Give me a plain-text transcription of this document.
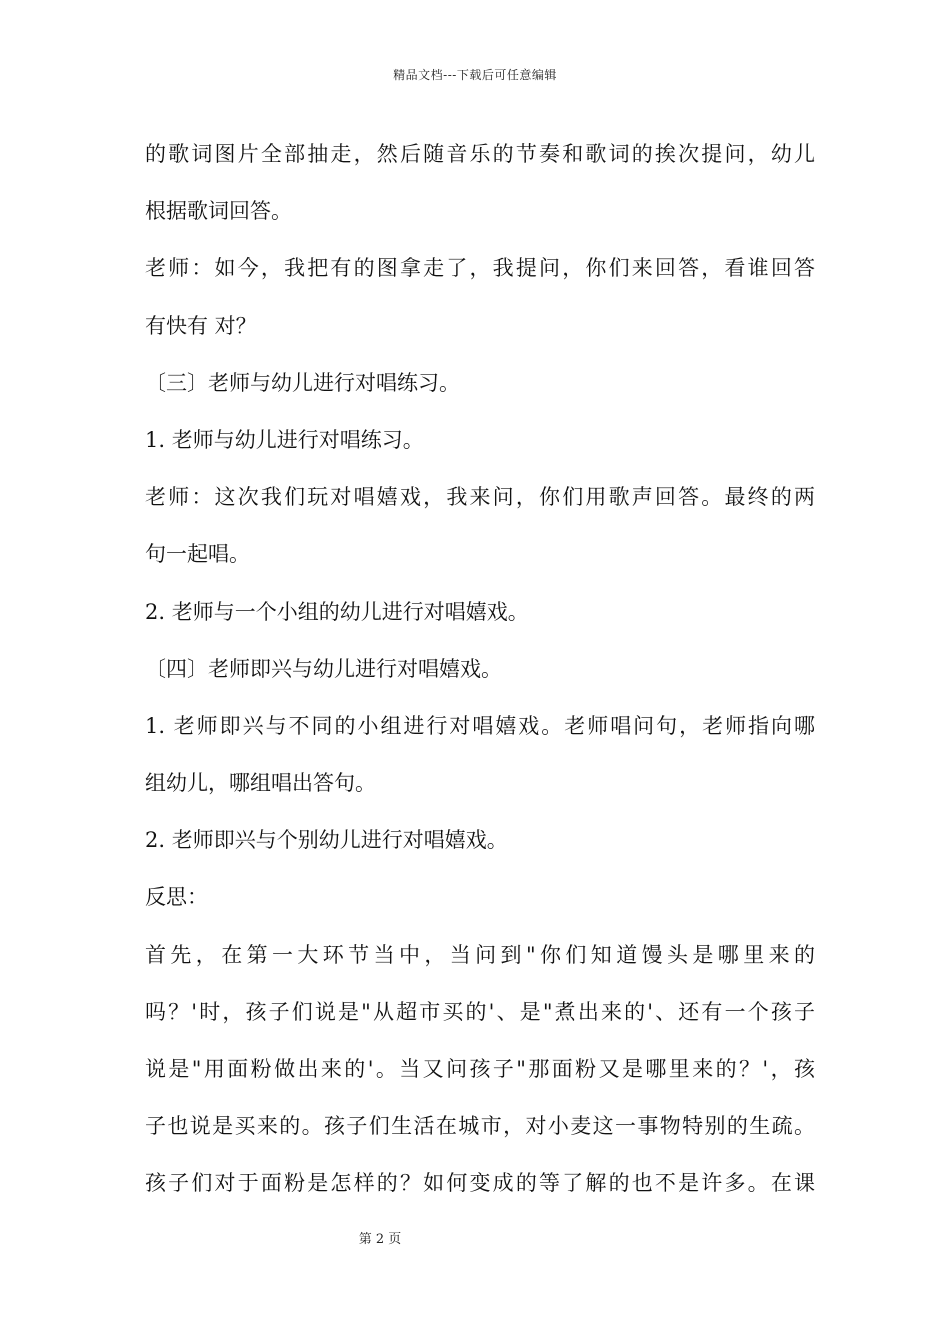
精品文档---下载后可任意编辑
的歌词图片全部抽走，然后随音乐的节奏和歌词的挨次提问，幼儿
根据歌词回答。
老师：如今，我把有的图拿走了，我提问，你们来回答，看谁回答
有快有 对？
〔三〕老师与幼儿进行对唱练习。
1. 老师与幼儿进行对唱练习。
老师：这次我们玩对唱嬉戏，我来问，你们用歌声回答。最终的两
句一起唱。
2. 老师与一个小组的幼儿进行对唱嬉戏。
〔四〕老师即兴与幼儿进行对唱嬉戏。
1. 老师即兴与不同的小组进行对唱嬉戏。老师唱问句，老师指向哪
组幼儿，哪组唱出答句。
2. 老师即兴与个别幼儿进行对唱嬉戏。
反思：
首先，在第一大环节当中，当问到"你们知道馒头是哪里来的
吗？'时，孩子们说是"从超市买的'、是"煮出来的'、还有一个孩子
说是"用面粉做出来的'。当又问孩子"那面粉又是哪里来的？'，孩
子也说是买来的。孩子们生活在城市，对小麦这一事物特别的生疏。
孩子们对于面粉是怎样的？如何变成的等了解的也不是许多。在课
第 2 页
